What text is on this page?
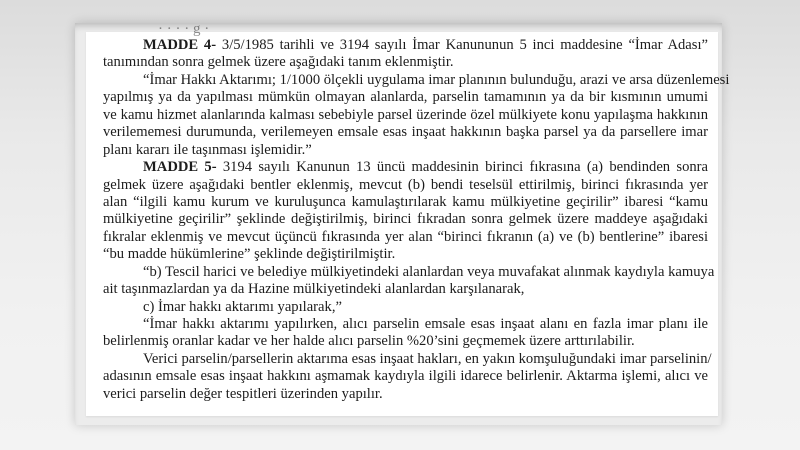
· · · · g ·
MADDE 4- 3/5/1985 tarihli ve 3194 sayılı İmar Kanununun 5 inci maddesine “İmar Adası”
tanımından sonra gelmek üzere aşağıdaki tanım eklenmiştir.
“İmar Hakkı Aktarımı; 1/1000 ölçekli uygulama imar planının bulunduğu, arazi ve arsa düzenlemesi
yapılmış ya da yapılması mümkün olmayan alanlarda, parselin tamamının ya da bir kısmının umumi
ve kamu hizmet alanlarında kalması sebebiyle parsel üzerinde özel mülkiyete konu yapılaşma hakkının
verilememesi durumunda, verilemeyen emsale esas inşaat hakkının başka parsel ya da parsellere imar
planı kararı ile taşınması işlemidir.”
MADDE 5- 3194 sayılı Kanunun 13 üncü maddesinin birinci fıkrasına (a) bendinden sonra
gelmek üzere aşağıdaki bentler eklenmiş, mevcut (b) bendi teselsül ettirilmiş, birinci fıkrasında yer
alan “ilgili kamu kurum ve kuruluşunca kamulaştırılarak kamu mülkiyetine geçirilir” ibaresi “kamu
mülkiyetine geçirilir” şeklinde değiştirilmiş, birinci fıkradan sonra gelmek üzere maddeye aşağıdaki
fıkralar eklenmiş ve mevcut üçüncü fıkrasında yer alan “birinci fıkranın (a) ve (b) bentlerine” ibaresi
“bu madde hükümlerine” şeklinde değiştirilmiştir.
“b) Tescil harici ve belediye mülkiyetindeki alanlardan veya muvafakat alınmak kaydıyla kamuya
ait taşınmazlardan ya da Hazine mülkiyetindeki alanlardan karşılanarak,
c) İmar hakkı aktarımı yapılarak,”
“İmar hakkı aktarımı yapılırken, alıcı parselin emsale esas inşaat alanı en fazla imar planı ile
belirlenmiş oranlar kadar ve her halde alıcı parselin %20’sini geçmemek üzere arttırılabilir.
Verici parselin/parsellerin aktarıma esas inşaat hakları, en yakın komşuluğundaki imar parselinin/
adasının emsale esas inşaat hakkını aşmamak kaydıyla ilgili idarece belirlenir. Aktarma işlemi, alıcı ve
verici parselin değer tespitleri üzerinden yapılır.
